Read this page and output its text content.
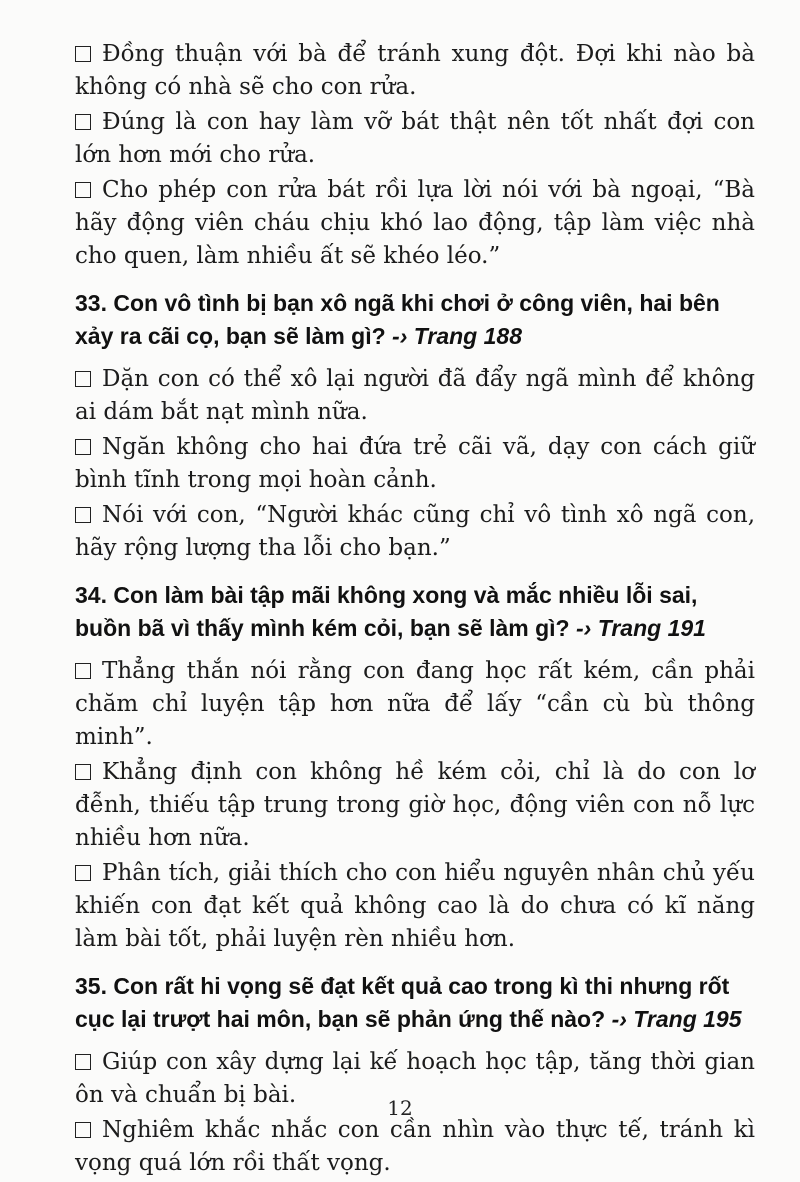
Đồng thuận với bà để tránh xung đột. Đợi khi nào bà không có nhà sẽ cho con rửa.

Đúng là con hay làm vỡ bát thật nên tốt nhất đợi con lớn hơn mới cho rửa.

Cho phép con rửa bát rồi lựa lời nói với bà ngoại, “Bà hãy động viên cháu chịu khó lao động, tập làm việc nhà cho quen, làm nhiều ất sẽ khéo léo.”

33. Con vô tình bị bạn xô ngã khi chơi ở công viên, hai bên xảy ra cãi cọ, bạn sẽ làm gì? -› Trang 188

Dặn con có thể xô lại người đã đẩy ngã mình để không ai dám bắt nạt mình nữa.

Ngăn không cho hai đứa trẻ cãi vã, dạy con cách giữ bình tĩnh trong mọi hoàn cảnh.

Nói với con, “Người khác cũng chỉ vô tình xô ngã con, hãy rộng lượng tha lỗi cho bạn.”

34. Con làm bài tập mãi không xong và mắc nhiều lỗi sai, buồn bã vì thấy mình kém cỏi, bạn sẽ làm gì? -› Trang 191

Thẳng thắn nói rằng con đang học rất kém, cần phải chăm chỉ luyện tập hơn nữa để lấy “cần cù bù thông minh”.

Khẳng định con không hề kém cỏi, chỉ là do con lơ đễnh, thiếu tập trung trong giờ học, động viên con nỗ lực nhiều hơn nữa.

Phân tích, giải thích cho con hiểu nguyên nhân chủ yếu khiến con đạt kết quả không cao là do chưa có kĩ năng làm bài tốt, phải luyện rèn nhiều hơn.

35. Con rất hi vọng sẽ đạt kết quả cao trong kì thi nhưng rốt cục lại trượt hai môn, bạn sẽ phản ứng thế nào? -› Trang 195

Giúp con xây dựng lại kế hoạch học tập, tăng thời gian ôn và chuẩn bị bài.

Nghiêm khắc nhắc con cần nhìn vào thực tế, tránh kì vọng quá lớn rồi thất vọng.

12
